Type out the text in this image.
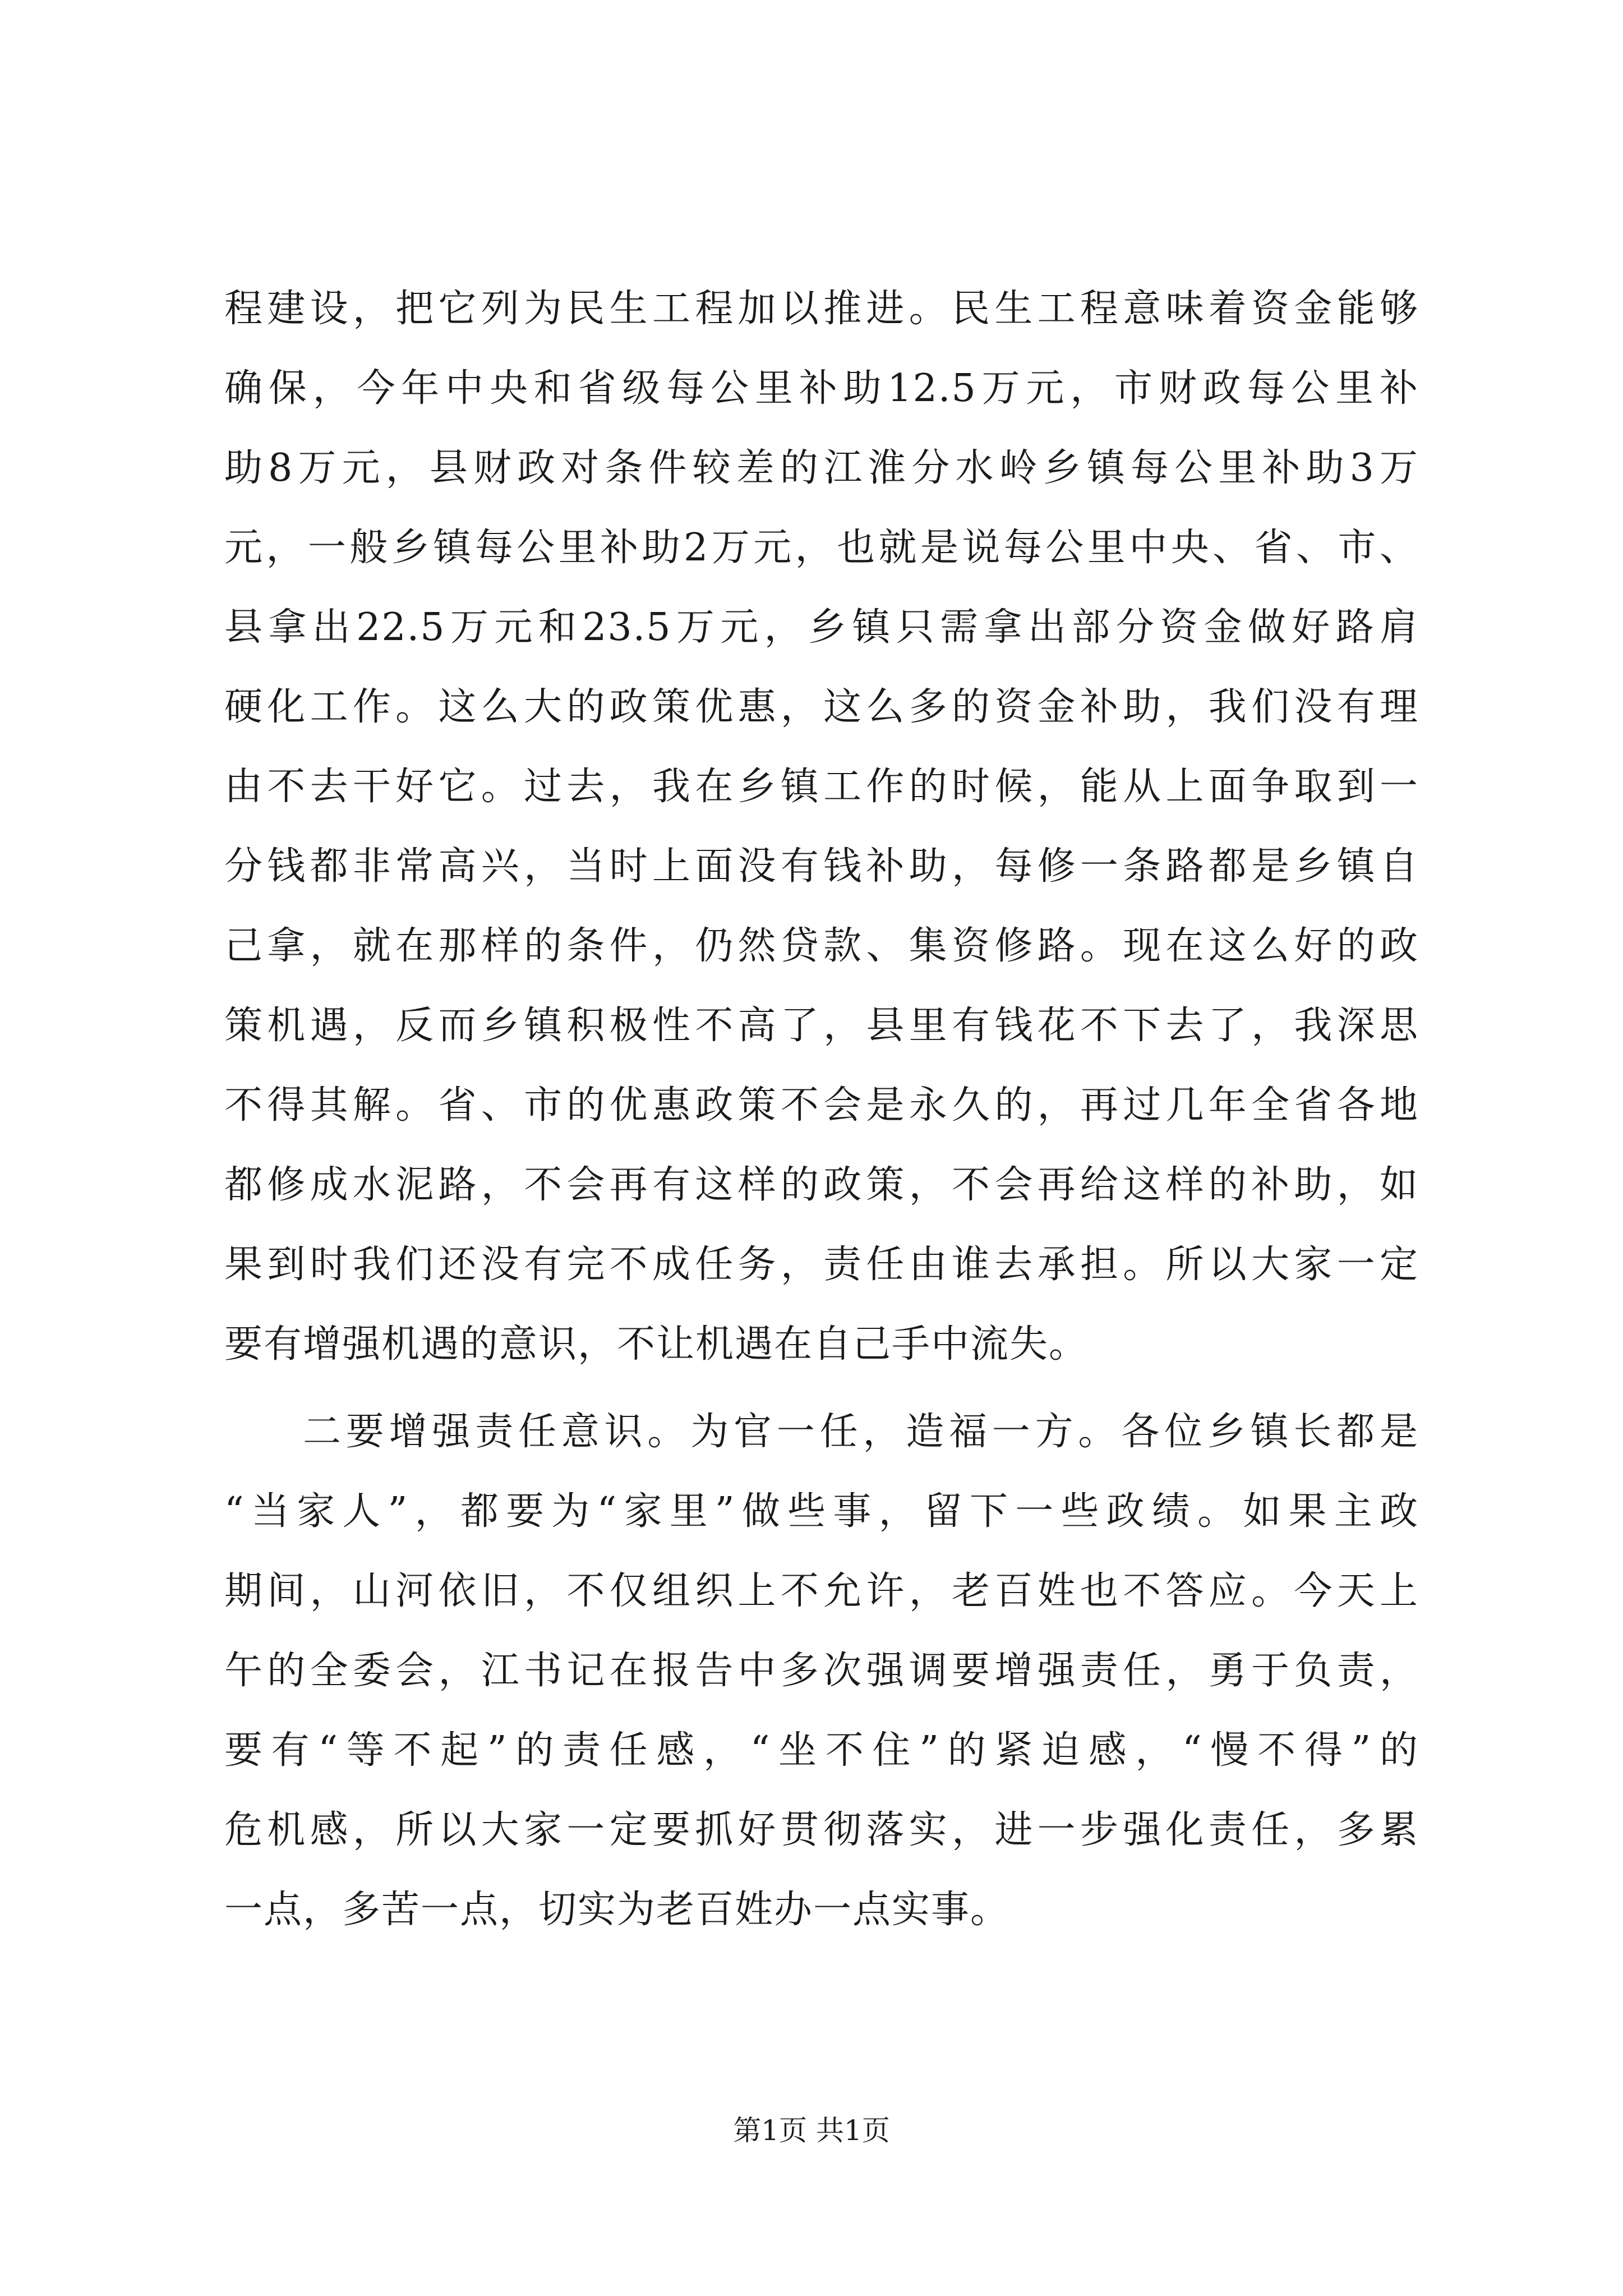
程建设，把它列为民生工程加以推进。民生工程意味着资金能够
确保，今年中央和省级每公里补助12.5万元，市财政每公里补
助8万元，县财政对条件较差的江淮分水岭乡镇每公里补助3万
元，一般乡镇每公里补助2万元，也就是说每公里中央、省、市、
县拿出22.5万元和23.5万元，乡镇只需拿出部分资金做好路肩
硬化工作。这么大的政策优惠，这么多的资金补助，我们没有理
由不去干好它。过去，我在乡镇工作的时候，能从上面争取到一
分钱都非常高兴，当时上面没有钱补助，每修一条路都是乡镇自
己拿，就在那样的条件，仍然贷款、集资修路。现在这么好的政
策机遇，反而乡镇积极性不高了，县里有钱花不下去了，我深思
不得其解。省、市的优惠政策不会是永久的，再过几年全省各地
都修成水泥路，不会再有这样的政策，不会再给这样的补助，如
果到时我们还没有完不成任务，责任由谁去承担。所以大家一定
要有增强机遇的意识，不让机遇在自己手中流失。
二要增强责任意识。为官一任，造福一方。各位乡镇长都是
“当家人”，都要为“家里”做些事，留下一些政绩。如果主政
期间，山河依旧，不仅组织上不允许，老百姓也不答应。今天上
午的全委会，江书记在报告中多次强调要增强责任，勇于负责，
要有“等不起”的责任感，“坐不住”的紧迫感，“慢不得”的
危机感，所以大家一定要抓好贯彻落实，进一步强化责任，多累
一点，多苦一点，切实为老百姓办一点实事。
第1页 共1页
